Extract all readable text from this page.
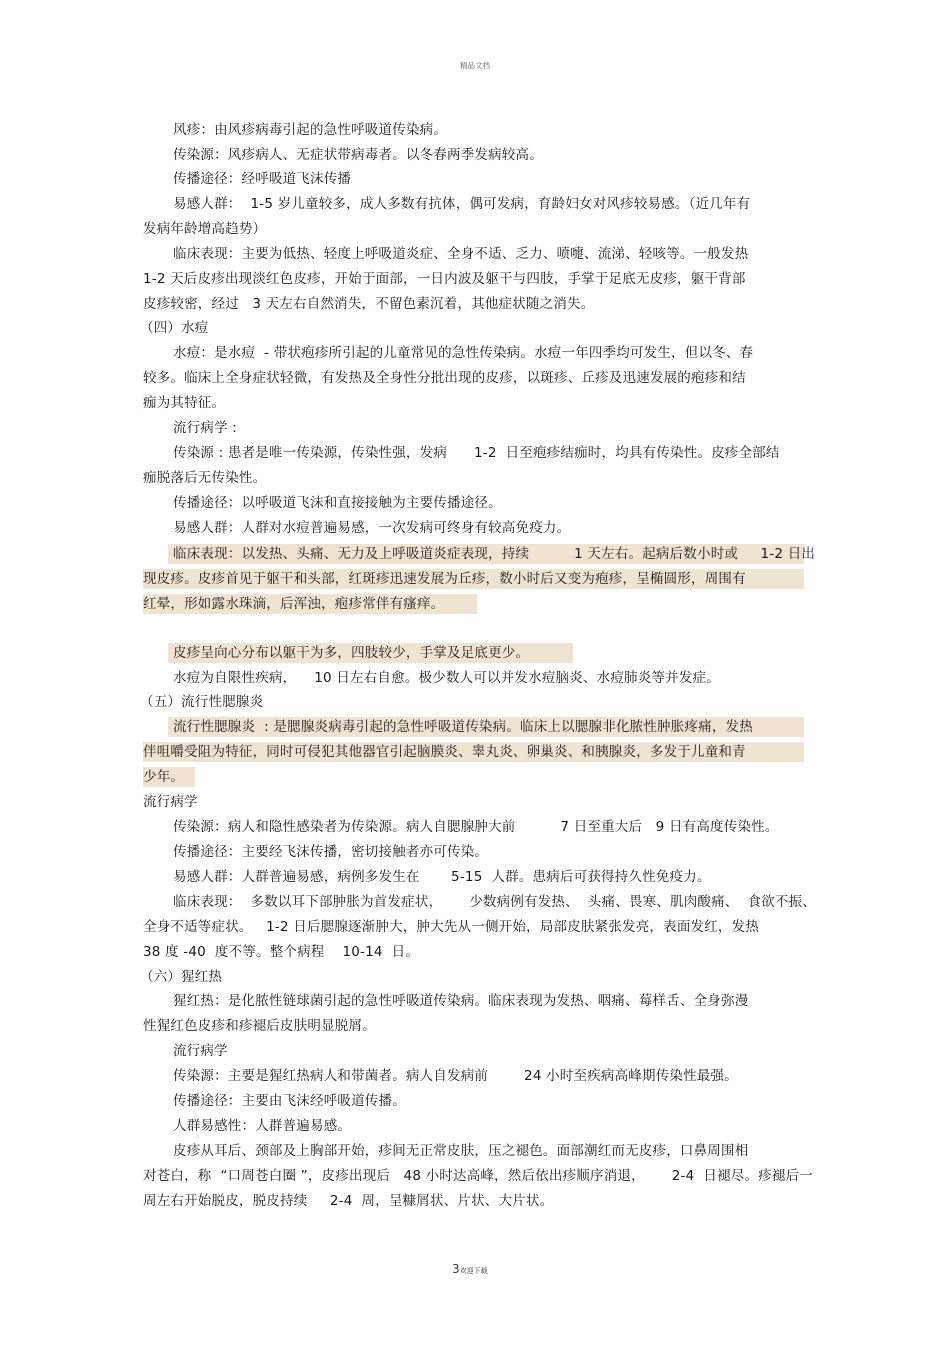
精品文档
风疹：由风疹病毒引起的急性呼吸道传染病。
传染源：风疹病人、无症状带病毒者。以冬春两季发病较高。
传播途径：经呼吸道飞沫传播
易感人群：  1-5 岁儿童较多，成人多数有抗体，偶可发病，育龄妇女对风疹较易感。（近几年有
发病年龄增高趋势）
临床表现：主要为低热、轻度上呼吸道炎症、全身不适、乏力、喷嚏、流涕、轻咳等。一般发热
1-2 天后皮疹出现淡红色皮疹，开始于面部，一日内波及躯干与四肢，手掌于足底无皮疹，躯干背部
皮疹较密，经过   3 天左右自然消失，不留色素沉着，其他症状随之消失。
（四）水痘
水痘：是水痘  - 带状疱疹所引起的儿童常见的急性传染病。水痘一年四季均可发生，但以冬、春
较多。临床上全身症状轻微，有发热及全身性分批出现的皮疹，以斑疹、丘疹及迅速发展的疱疹和结
痂为其特征。
流行病学 :
传染源 : 患者是唯一传染源，传染性强，发病      1-2  日至疱疹结痂时，均具有传染性。皮疹全部结
痂脱落后无传染性。
传播途径：以呼吸道飞沫和直接接触为主要传播途径。
易感人群：人群对水痘普遍易感，一次发病可终身有较高免疫力。
临床表现：以发热、头痛、无力及上呼吸道炎症表现，持续          1 天左右。起病后数小时或     1-2 日出
现皮疹。皮疹首见于躯干和头部，红斑疹迅速发展为丘疹，数小时后又变为疱疹，呈椭圆形，周围有
红晕，形如露水珠滴，后浑浊，疱疹常伴有瘙痒。
皮疹呈向心分布以躯干为多，四肢较少，手掌及足底更少。
水痘为自限性疾病，    10 日左右自愈。极少数人可以并发水痘脑炎、水痘肺炎等并发症。
（五）流行性腮腺炎
流行性腮腺炎  : 是腮腺炎病毒引起的急性呼吸道传染病。临床上以腮腺非化脓性肿胀疼痛，发热
伴咀嚼受阻为特征，同时可侵犯其他器官引起脑膜炎、睾丸炎、卵巢炎、和胰腺炎，多发于儿童和青
少年。
流行病学
传染源：病人和隐性感染者为传染源。病人自腮腺肿大前          7 日至重大后   9 日有高度传染性。
传播途径：主要经飞沫传播，密切接触者亦可传染。
易感人群：人群普遍易感，病例多发生在       5-15  人群。患病后可获得持久性免疫力。
临床表现：  多数以耳下部肿胀为首发症状，      少数病例有发热、  头痛、畏寒、肌肉酸痛、  食欲不振、
全身不适等症状。   1-2 日后腮腺逐渐肿大，肿大先从一侧开始，局部皮肤紧张发亮，表面发红，发热
38 度 -40  度不等。整个病程    10-14  日。
（六）猩红热
猩红热：是化脓性链球菌引起的急性呼吸道传染病。临床表现为发热、咽痛、莓样舌、全身弥漫
性猩红色皮疹和疹褪后皮肤明显脱屑。
流行病学
传染源：主要是猩红热病人和带菌者。病人自发病前        24 小时至疾病高峰期传染性最强。
传播途径：主要由飞沫经呼吸道传播。
人群易感性：人群普遍易感。
皮疹从耳后、颈部及上胸部开始，疹间无正常皮肤，压之褪色。面部潮红而无皮疹，口鼻周围相
对苍白，称  “口周苍白圈 ”，皮疹出现后   48 小时达高峰，然后依出疹顺序消退，      2-4  日褪尽。疹褪后一
周左右开始脱皮，脱皮持续     2-4  周，呈糠屑状、片状、大片状。
3欢迎下载
